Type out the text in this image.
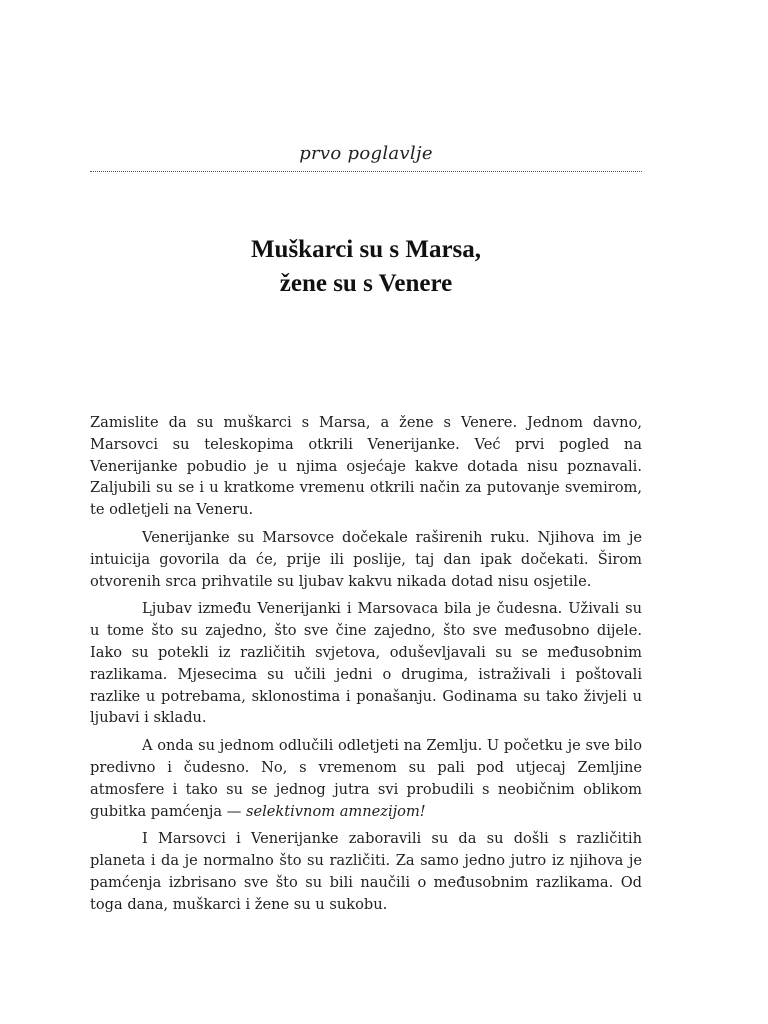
prvo poglavlje
Muškarci su s Marsa,
žene su s Venere

Zamislite da su muškarci s Marsa, a žene s Venere. Jednom davno, Marsovci su teleskopima otkrili Venerijanke. Već prvi pogled na Venerijanke pobudio je u njima osjećaje kakve dotada nisu poznavali. Zaljubili su se i u kratkome vremenu otkrili način za putovanje svemirom, te odletjeli na Veneru.

Venerijanke su Marsovce dočekale raširenih ruku. Njihova im je intuicija govorila da će, prije ili poslije, taj dan ipak dočekati. Širom otvorenih srca prihvatile su ljubav kakvu nikada dotad nisu osjetile.

Ljubav između Venerijanki i Marsovaca bila je čudesna. Uživali su u tome što su zajedno, što sve čine zajedno, što sve međusobno dijele. Iako su potekli iz različitih svjetova, oduševljavali su se međusobnim razlikama. Mjesecima su učili jedni o drugima, istraživali i poštovali razlike u potrebama, sklonostima i ponašanju. Godinama su tako živjeli u ljubavi i skladu.

A onda su jednom odlučili odletjeti na Zemlju. U početku je sve bilo predivno i čudesno. No, s vremenom su pali pod utjecaj Zemljine atmosfere i tako su se jednog jutra svi probudili s neobičnim oblikom gubitka pamćenja — selektivnom amnezijom!

I Marsovci i Venerijanke zaboravili su da su došli s različitih planeta i da je normalno što su različiti. Za samo jedno jutro iz njihova je pamćenja izbrisano sve što su bili naučili o međusobnim razlikama. Od toga dana, muškarci i žene su u sukobu.
